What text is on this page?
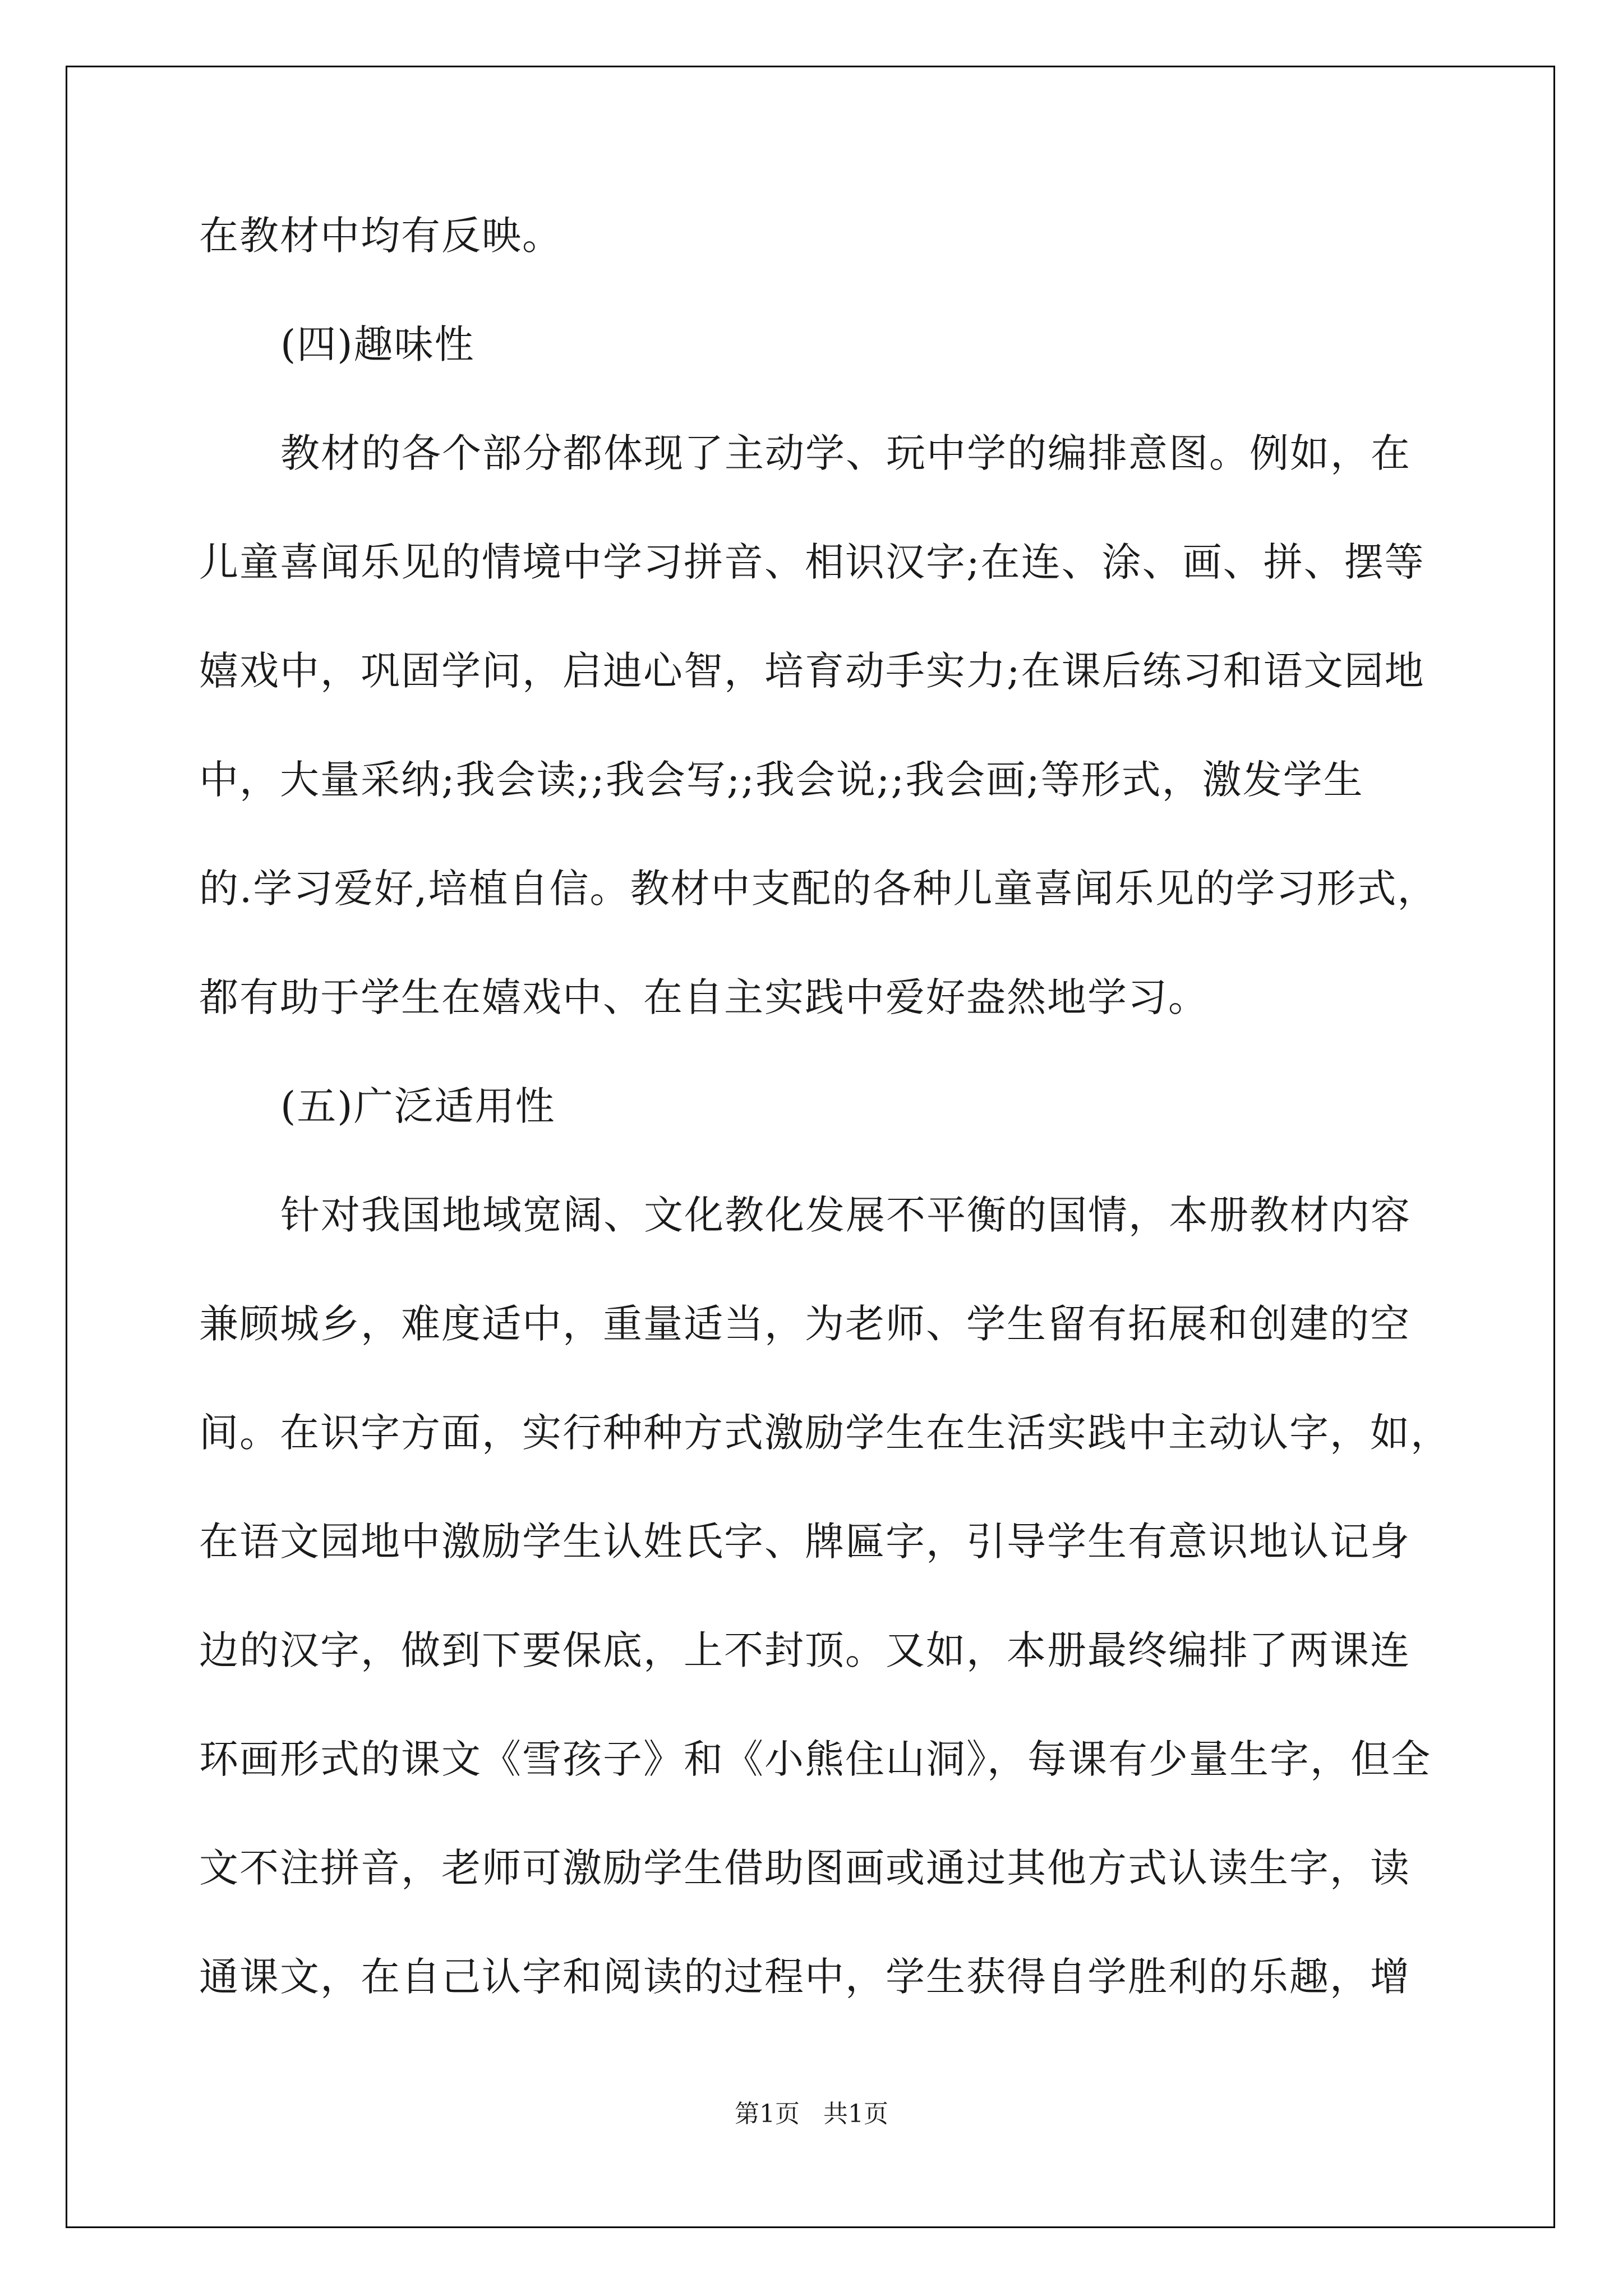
在教材中均有反映。
(四)趣味性
教材的各个部分都体现了主动学、玩中学的编排意图。例如，在
儿童喜闻乐见的情境中学习拼音、相识汉字;在连、涂、画、拼、摆等
嬉戏中，巩固学问，启迪心智，培育动手实力;在课后练习和语文园地
中，大量采纳;我会读;;我会写;;我会说;;我会画;等形式，激发学生
的.学习爱好,培植自信。教材中支配的各种儿童喜闻乐见的学习形式，
都有助于学生在嬉戏中、在自主实践中爱好盎然地学习。
(五)广泛适用性
针对我国地域宽阔、文化教化发展不平衡的国情，本册教材内容
兼顾城乡，难度适中，重量适当，为老师、学生留有拓展和创建的空
间。在识字方面，实行种种方式激励学生在生活实践中主动认字，如，
在语文园地中激励学生认姓氏字、牌匾字，引导学生有意识地认记身
边的汉字，做到下要保底，上不封顶。又如，本册最终编排了两课连
环画形式的课文《雪孩子》和《小熊住山洞》，每课有少量生字，但全
文不注拼音，老师可激励学生借助图画或通过其他方式认读生字，读
通课文，在自己认字和阅读的过程中，学生获得自学胜利的乐趣，增
第1页   共1页
